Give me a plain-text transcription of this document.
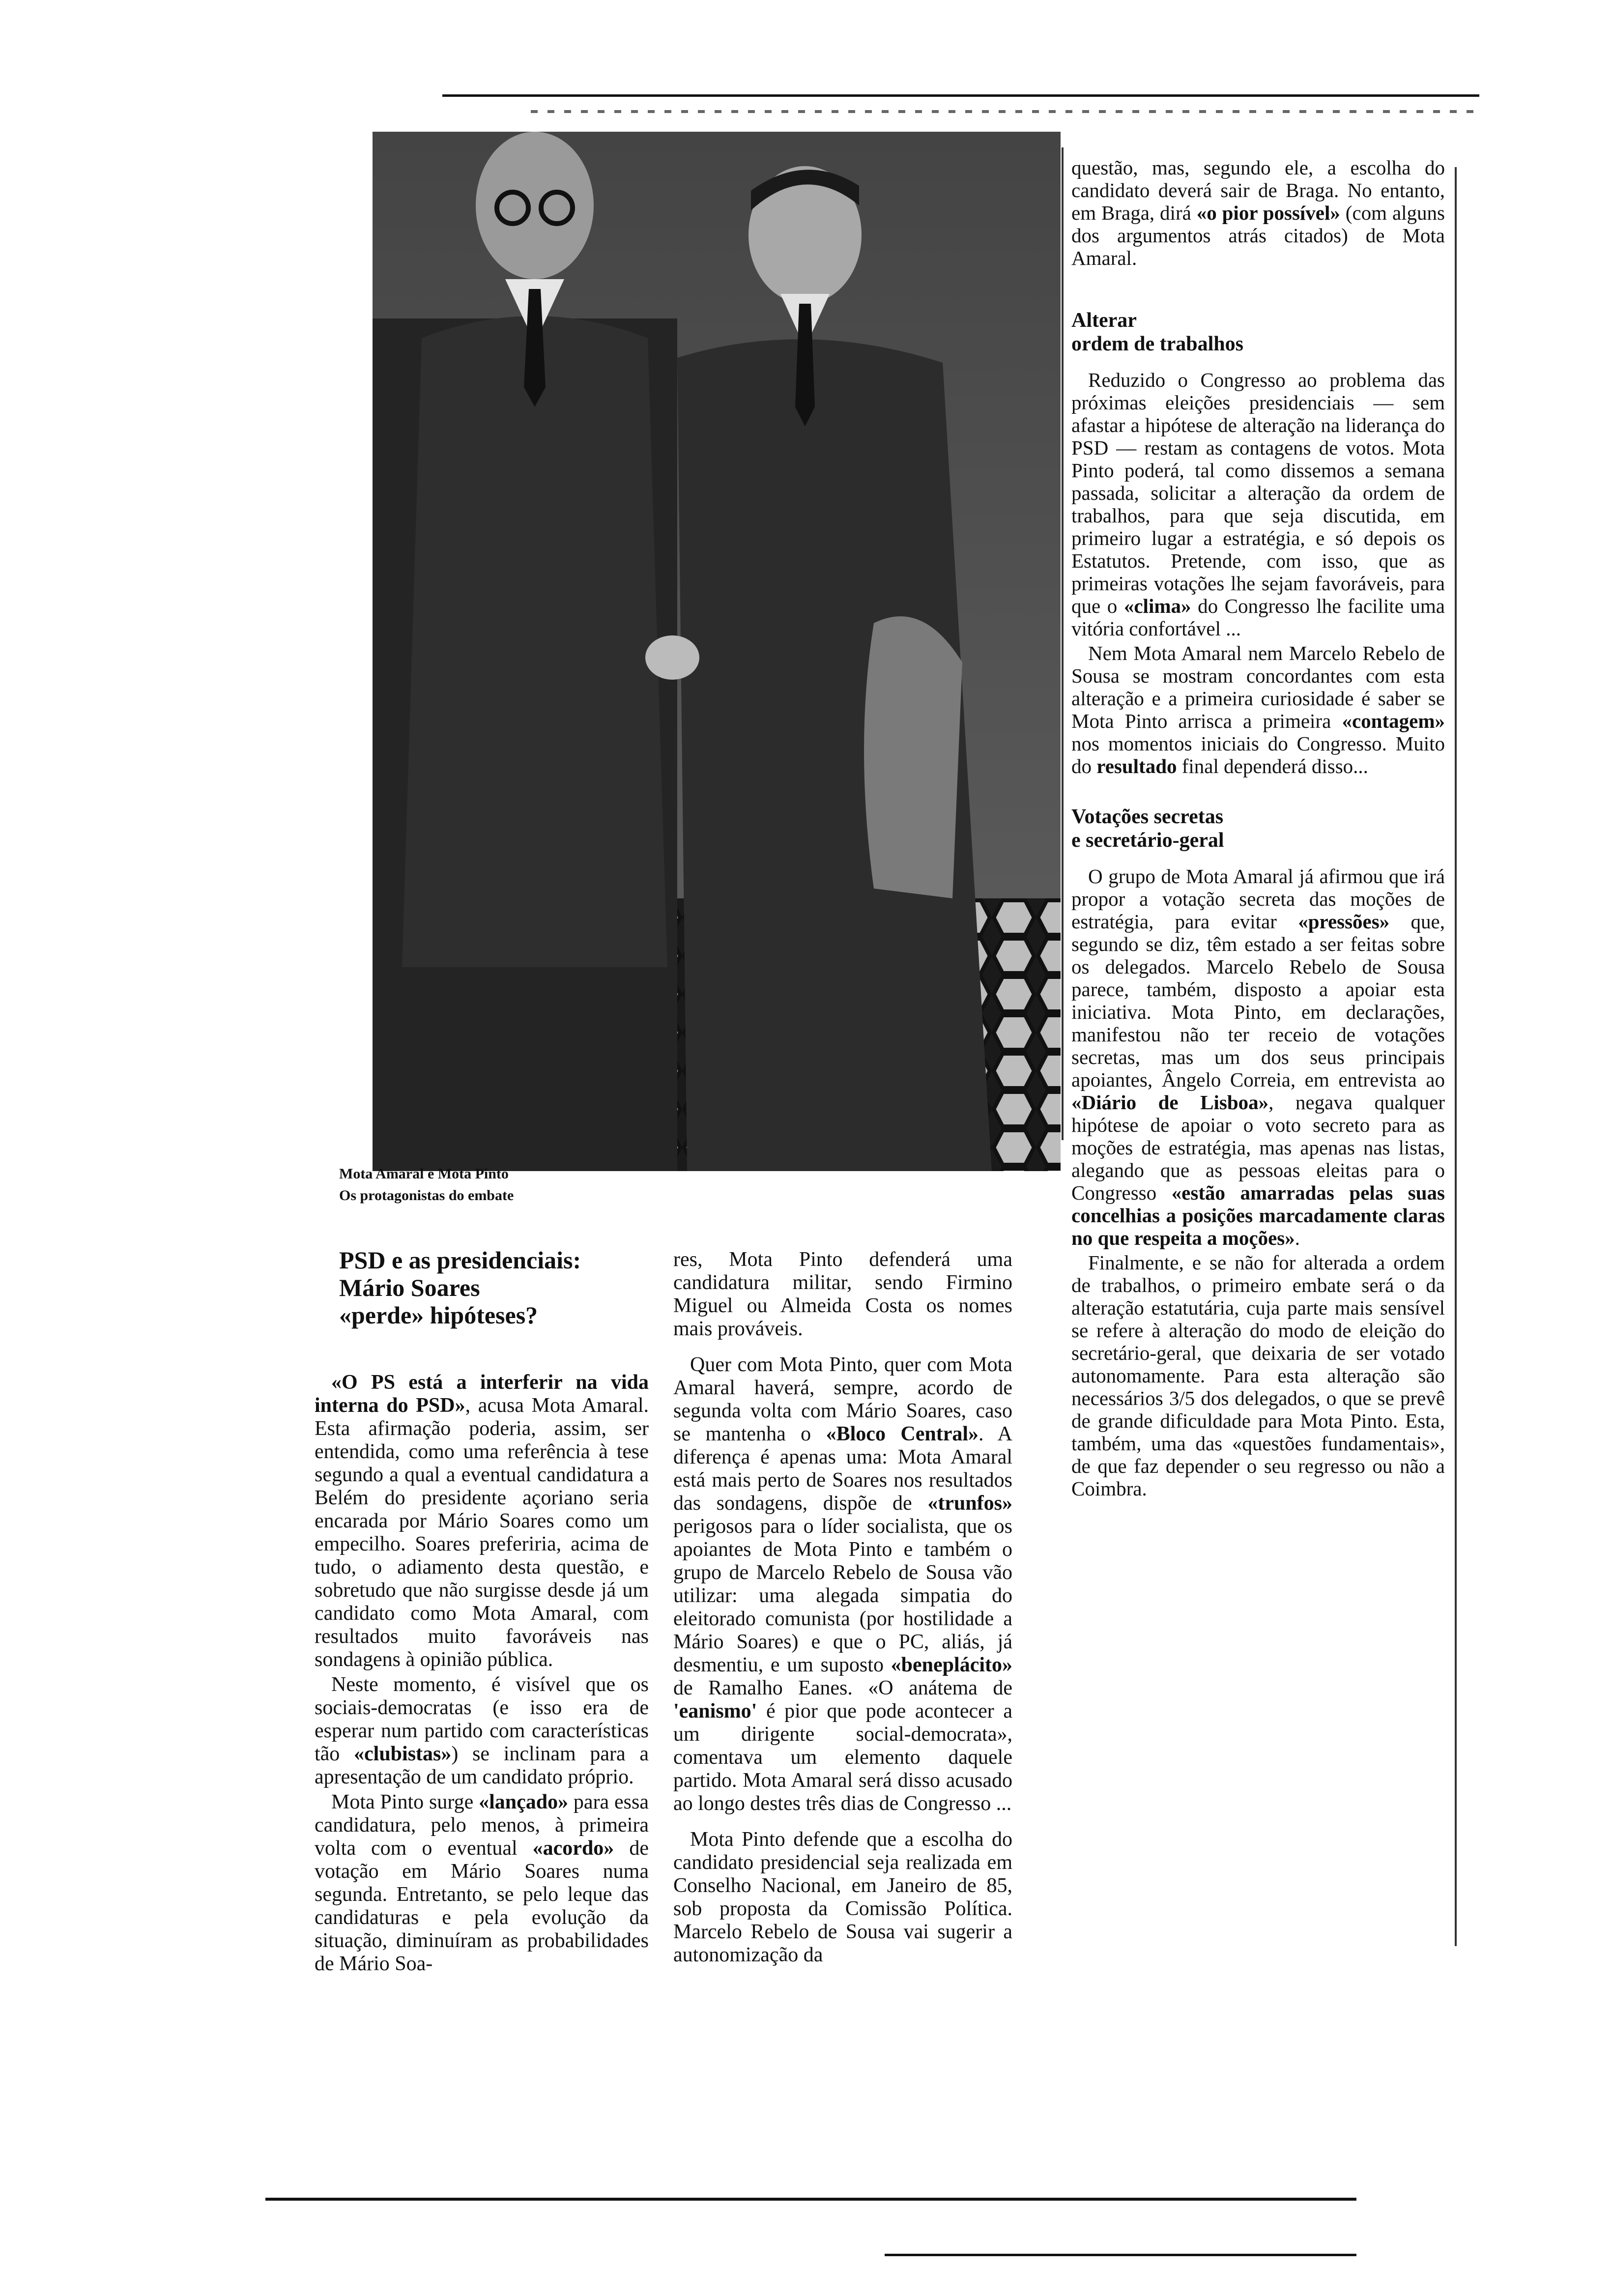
Mota Amaral e Mota Pinto
Os protagonistas do embate
PSD e as presidenciais:
Mário Soares
«perde» hipóteses?

«O PS está a interferir na vida interna do PSD», acusa Mota Amaral. Esta afirmação poderia, assim, ser entendida, como uma referência à tese segundo a qual a eventual candidatura a Belém do presidente açoriano seria encarada por Mário Soares como um empecilho. Soares preferiria, acima de tudo, o adiamento desta questão, e sobretudo que não surgisse desde já um candidato como Mota Amaral, com resultados muito favoráveis nas sondagens à opinião pública.

Neste momento, é visível que os sociais-democratas (e isso era de esperar num partido com características tão «clubistas») se inclinam para a apresentação de um candidato próprio.

Mota Pinto surge «lançado» para essa candidatura, pelo menos, à primeira volta com o eventual «acordo» de votação em Mário Soares numa segunda. Entretanto, se pelo leque das candidaturas e pela evolução da situação, diminuíram as probabilidades de Mário Soa-

res, Mota Pinto defenderá uma candidatura militar, sendo Firmino Miguel ou Almeida Costa os nomes mais prováveis.

Quer com Mota Pinto, quer com Mota Amaral haverá, sempre, acordo de segunda volta com Mário Soares, caso se mantenha o «Bloco Central». A diferença é apenas uma: Mota Amaral está mais perto de Soares nos resultados das sondagens, dispõe de «trunfos» perigosos para o líder socialista, que os apoiantes de Mota Pinto e também o grupo de Marcelo Rebelo de Sousa vão utilizar: uma alegada simpatia do eleitorado comunista (por hostilidade a Mário Soares) e que o PC, aliás, já desmentiu, e um suposto «beneplácito» de Ramalho Eanes. «O anátema de 'eanismo' é pior que pode acontecer a um dirigente social-democrata», comentava um elemento daquele partido. Mota Amaral será disso acusado ao longo destes três dias de Congresso ...

Mota Pinto defende que a escolha do candidato presidencial seja realizada em Conselho Nacional, em Janeiro de 85, sob proposta da Comissão Política. Marcelo Rebelo de Sousa vai sugerir a autonomização da

questão, mas, segundo ele, a escolha do candidato deverá sair de Braga. No entanto, em Braga, dirá «o pior possível» (com alguns dos argumentos atrás citados) de Mota Amaral.

Alterar
ordem de trabalhos

Reduzido o Congresso ao problema das próximas eleições presidenciais — sem afastar a hipótese de alteração na liderança do PSD — restam as contagens de votos. Mota Pinto poderá, tal como dissemos a semana passada, solicitar a alteração da ordem de trabalhos, para que seja discutida, em primeiro lugar a estratégia, e só depois os Estatutos. Pretende, com isso, que as primeiras votações lhe sejam favoráveis, para que o «clima» do Congresso lhe facilite uma vitória confortável ...

Nem Mota Amaral nem Marcelo Rebelo de Sousa se mostram concordantes com esta alteração e a primeira curiosidade é saber se Mota Pinto arrisca a primeira «contagem» nos momentos iniciais do Congresso. Muito do resultado final dependerá disso...

Votações secretas
e secretário-geral

O grupo de Mota Amaral já afirmou que irá propor a votação secreta das moções de estratégia, para evitar «pressões» que, segundo se diz, têm estado a ser feitas sobre os delegados. Marcelo Rebelo de Sousa parece, também, disposto a apoiar esta iniciativa. Mota Pinto, em declarações, manifestou não ter receio de votações secretas, mas um dos seus principais apoiantes, Ângelo Correia, em entrevista ao «Diário de Lisboa», negava qualquer hipótese de apoiar o voto secreto para as moções de estratégia, mas apenas nas listas, alegando que as pessoas eleitas para o Congresso «estão amarradas pelas suas concelhias a posições marcadamente claras no que respeita a moções».

Finalmente, e se não for alterada a ordem de trabalhos, o primeiro embate será o da alteração estatutária, cuja parte mais sensível se refere à alteração do modo de eleição do secretário-geral, que deixaria de ser votado autonomamente. Para esta alteração são necessários 3/5 dos delegados, o que se prevê de grande dificuldade para Mota Pinto. Esta, também, uma das «questões fundamentais», de que faz depender o seu regresso ou não a Coimbra.
